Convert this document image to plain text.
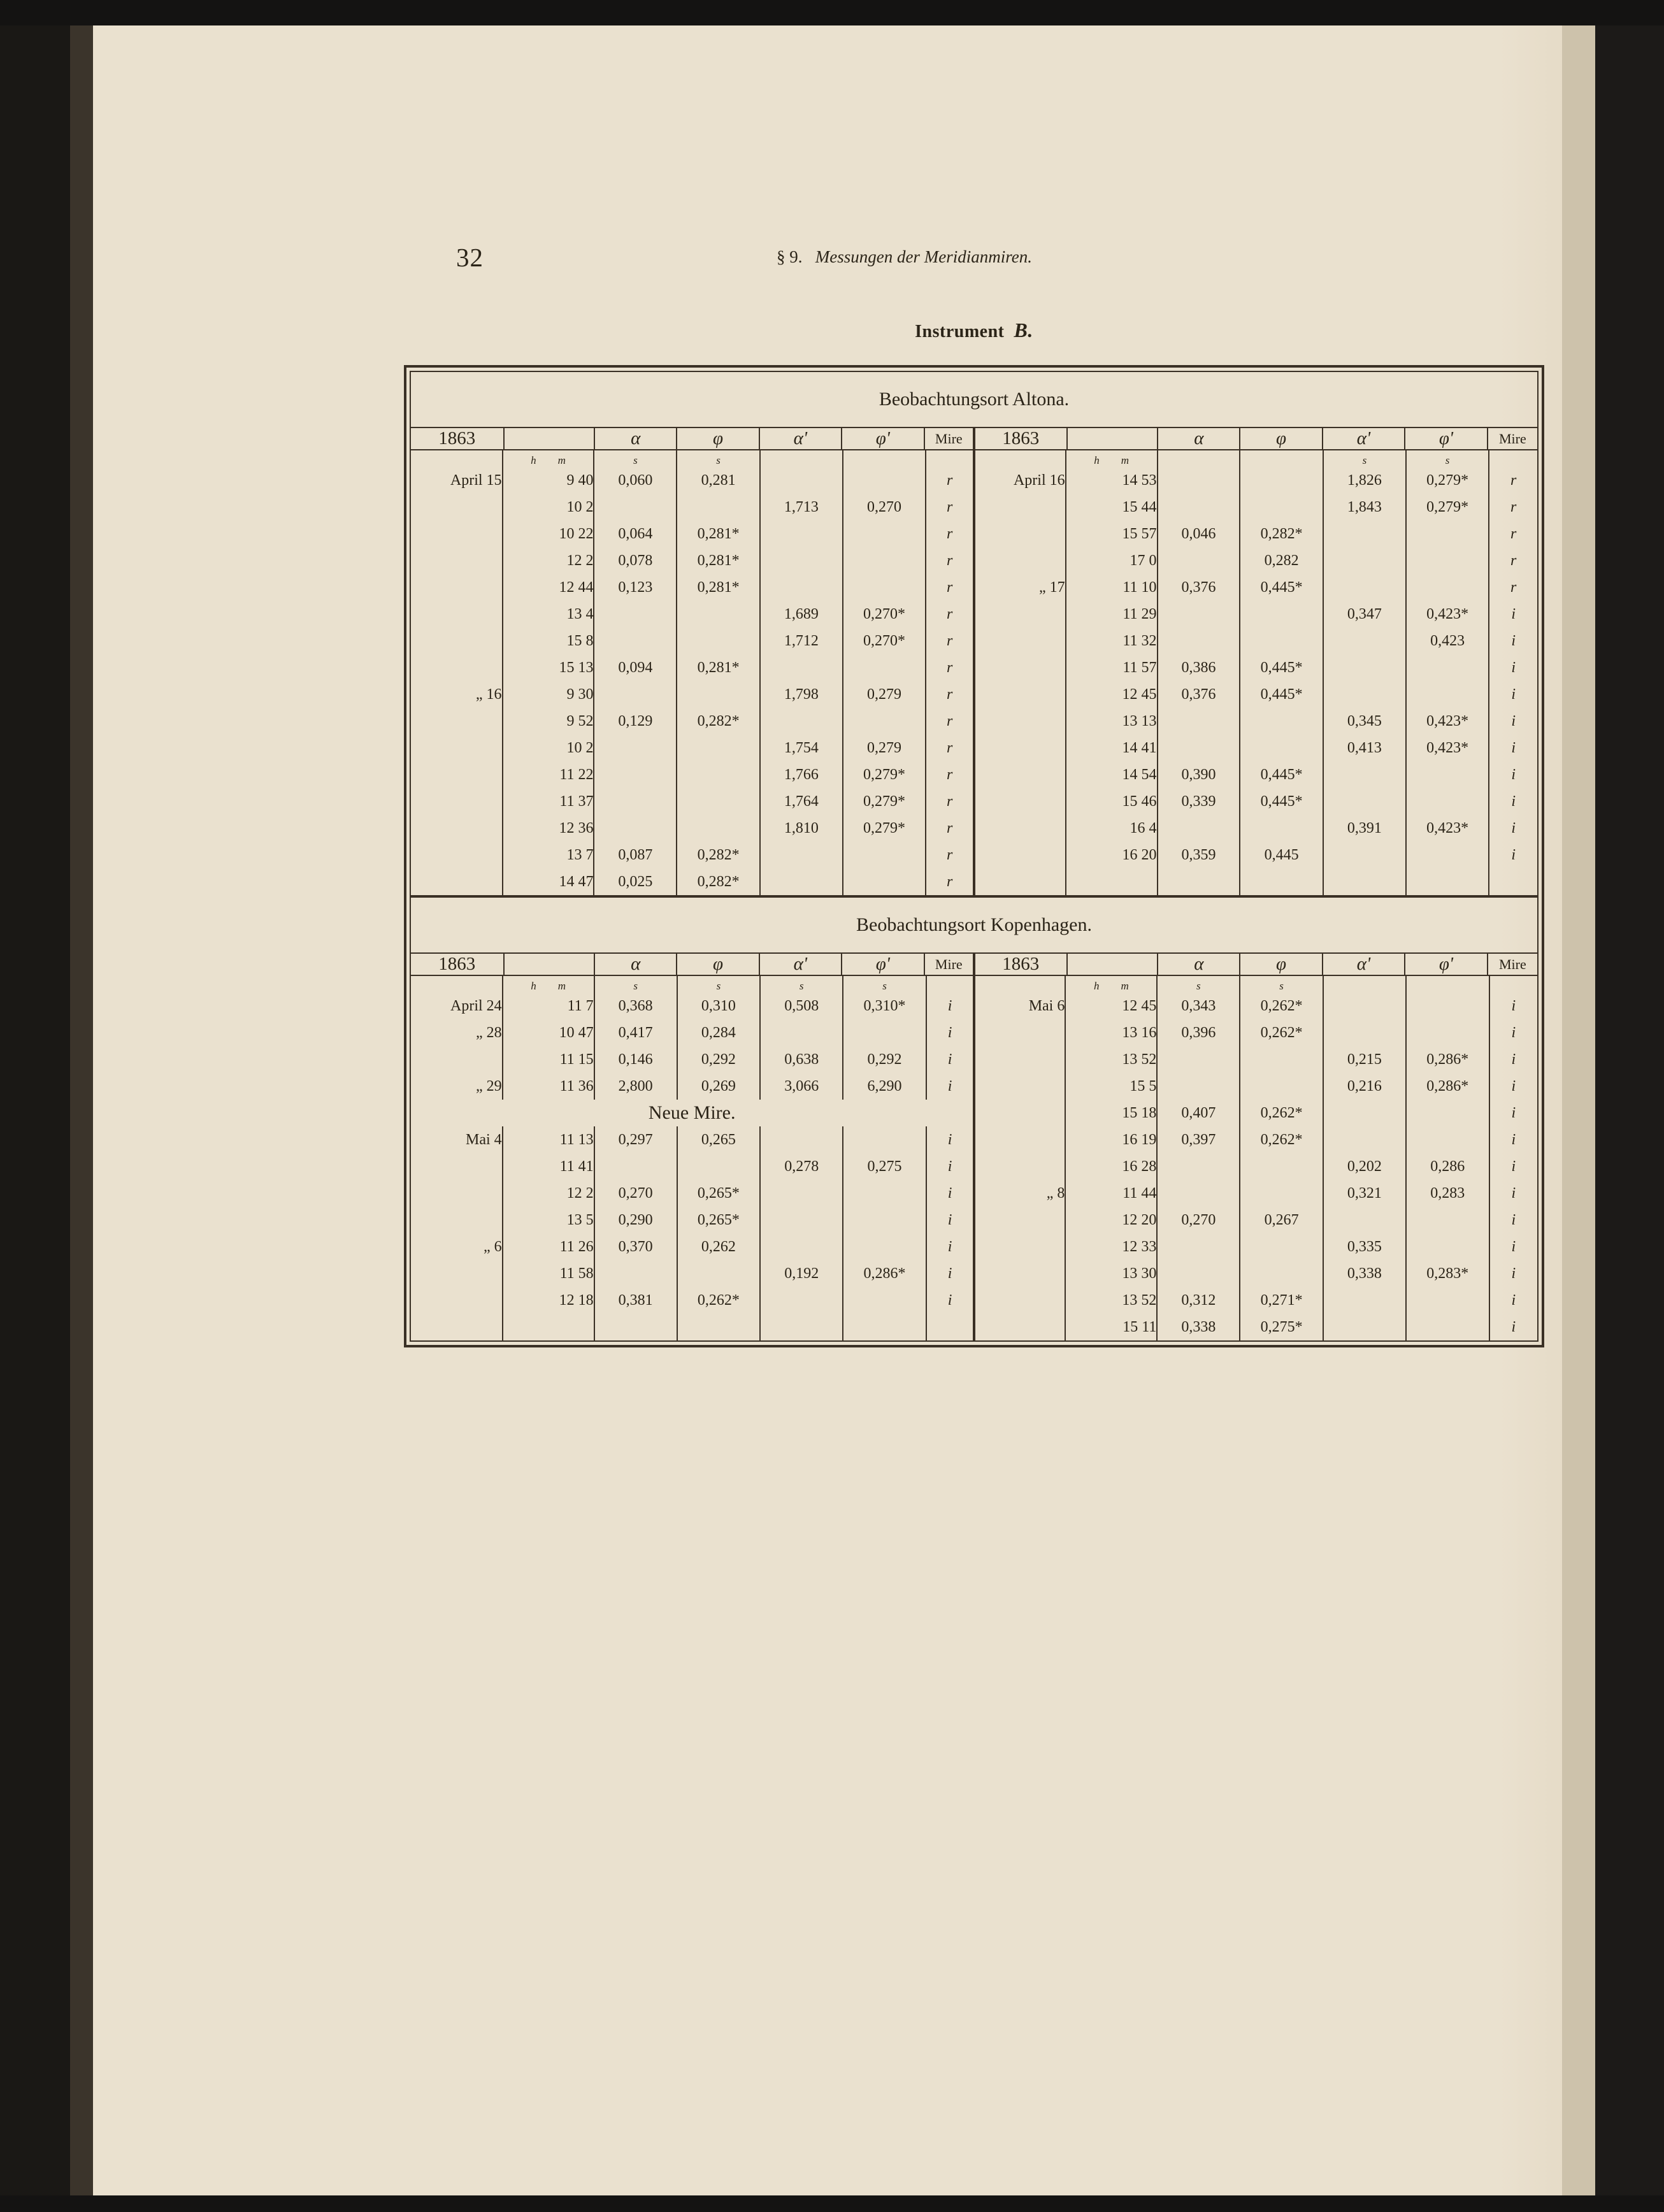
32	§ 9. Messungen der Meridianmiren.
Instrument B.
Beobachtungsort Altona.
1863		α	φ	α'	φ'	Mire	1863		α	φ	α'	φ'	Mire
	h m	s	s					h m			s	s	
April 15	9 40	0,060	0,281			r	April 16	14 53			1,826	0,279*	r
	10 2			1,713	0,270	r		15 44			1,843	0,279*	r
	10 22	0,064	0,281*			r		15 57	0,046	0,282*			r
	12 2	0,078	0,281*			r		17 0		0,282			r
	12 44	0,123	0,281*			r	„ 17	11 10	0,376	0,445*			r
	13 4			1,689	0,270*	r		11 29			0,347	0,423*	i
	15 8			1,712	0,270*	r		11 32				0,423	i
	15 13	0,094	0,281*			r		11 57	0,386	0,445*			i
„ 16	9 30			1,798	0,279	r		12 45	0,376	0,445*			i
	9 52	0,129	0,282*			r		13 13			0,345	0,423*	i
	10 2			1,754	0,279	r		14 41			0,413	0,423*	i
	11 22			1,766	0,279*	r		14 54	0,390	0,445*			i
	11 37			1,764	0,279*	r		15 46	0,339	0,445*			i
	12 36			1,810	0,279*	r		16 4			0,391	0,423*	i
	13 7	0,087	0,282*			r		16 20	0,359	0,445			i
	14 47	0,025	0,282*			r							
Beobachtungsort Kopenhagen.
1863		α	φ	α'	φ'	Mire	1863		α	φ	α'	φ'	Mire
	h m	s	s	s	s			h m	s	s			
April 24	11 7	0,368	0,310	0,508	0,310*	i	Mai 6	12 45	0,343	0,262*			i
„ 28	10 47	0,417	0,284			i		13 16	0,396	0,262*			i
	11 15	0,146	0,292	0,638	0,292	i		13 52			0,215	0,286*	i
„ 29	11 36	2,800	0,269	3,066	6,290	i		15 5			0,216	0,286*	i
Neue Mire.								15 18	0,407	0,262*			i
Mai 4	11 13	0,297	0,265			i		16 19	0,397	0,262*			i
	11 41			0,278	0,275	i		16 28			0,202	0,286	i
	12 2	0,270	0,265*			i	„ 8	11 44			0,321	0,283	i
	13 5	0,290	0,265*			i		12 20	0,270	0,267			i
„ 6	11 26	0,370	0,262			i		12 33			0,335		i
	11 58			0,192	0,286*	i		13 30			0,338	0,283*	i
	12 18	0,381	0,262*			i		13 52	0,312	0,271*			i
								15 11	0,338	0,275*			i
